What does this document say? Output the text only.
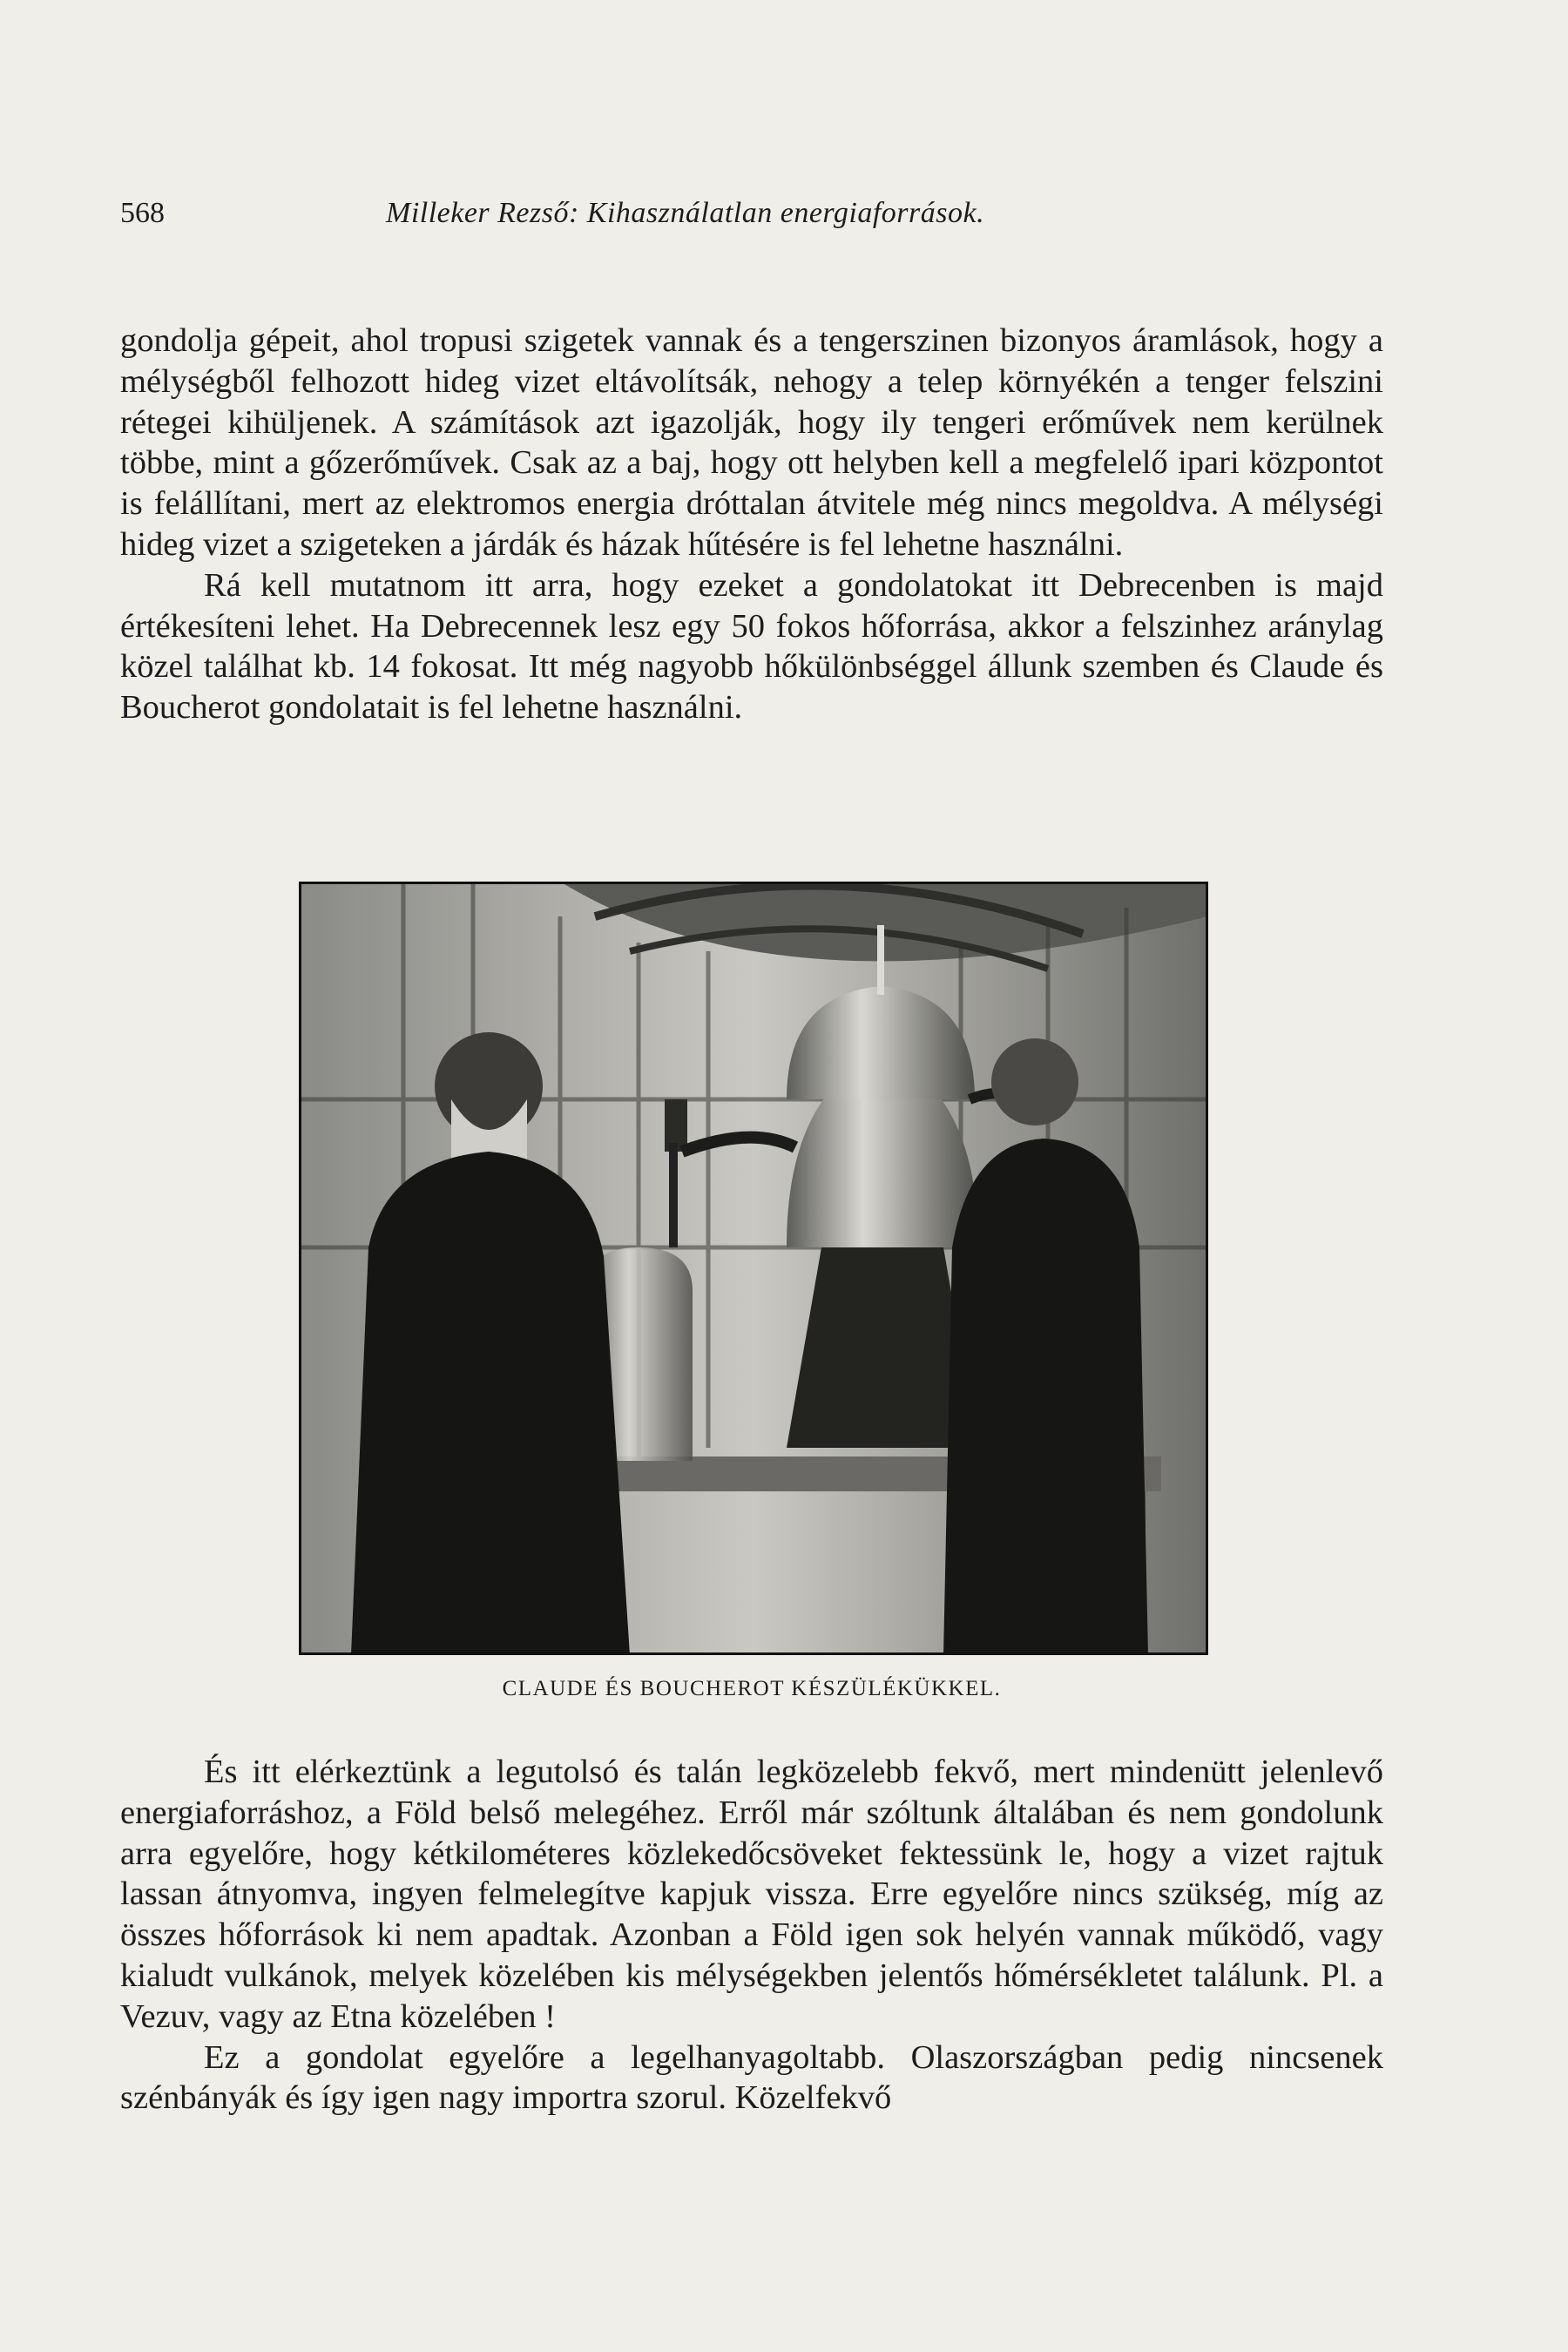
568	Milleker Rezső: Kihasználatlan energiaforrások.

gondolja gépeit, ahol tropusi szigetek vannak és a tengerszinen bizonyos áramlások, hogy a mélységből felhozott hideg vizet eltávolítsák, nehogy a telep környékén a tenger felszini rétegei kihüljenek. A számítások azt igazolják, hogy ily tengeri erőművek nem kerülnek többe, mint a gőzerőművek. Csak az a baj, hogy ott helyben kell a megfelelő ipari központot is felállítani, mert az elektromos energia dróttalan átvitele még nincs megoldva. A mélységi hideg vizet a szigeteken a járdák és házak hűtésére is fel lehetne használni.

Rá kell mutatnom itt arra, hogy ezeket a gondolatokat itt Debrecenben is majd értékesíteni lehet. Ha Debrecennek lesz egy 50 fokos hőforrása, akkor a felszinhez aránylag közel találhat kb. 14 fokosat. Itt még nagyobb hőkülönbséggel állunk szemben és Claude és Boucherot gondolatait is fel lehetne használni.

CLAUDE ÉS BOUCHEROT KÉSZÜLÉKÜKKEL.

És itt elérkeztünk a legutolsó és talán legközelebb fekvő, mert mindenütt jelenlevő energiaforráshoz, a Föld belső melegéhez. Erről már szóltunk általában és nem gondolunk arra egyelőre, hogy kétkilométeres közlekedőcsöveket fektessünk le, hogy a vizet rajtuk lassan átnyomva, ingyen felmelegítve kapjuk vissza. Erre egyelőre nincs szükség, míg az összes hőforrások ki nem apadtak. Azonban a Föld igen sok helyén vannak működő, vagy kialudt vulkánok, melyek közelében kis mélységekben jelentős hőmérsékletet találunk. Pl. a Vezuv, vagy az Etna közelében !

Ez a gondolat egyelőre a legelhanyagoltabb. Olaszországban pedig nincsenek szénbányák és így igen nagy importra szorul. Közelfekvő
